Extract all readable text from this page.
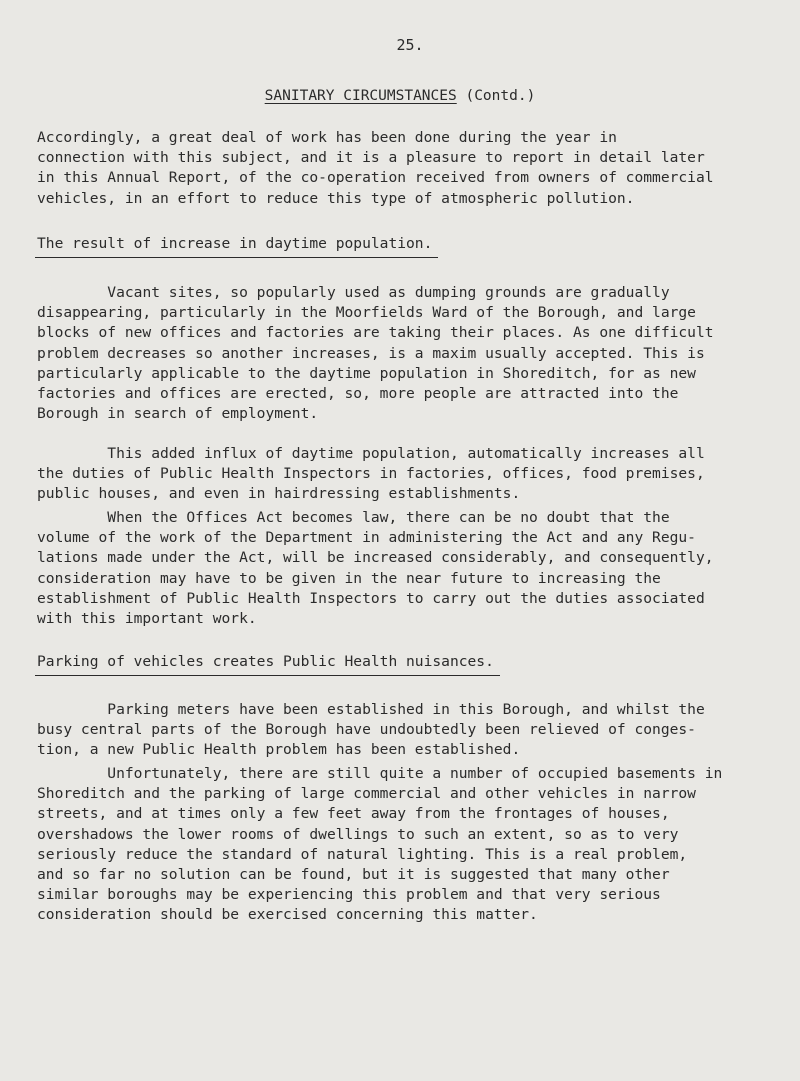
25.
SANITARY CIRCUMSTANCES (Contd.)

Accordingly, a great deal of work has been done during the year in
connection with this subject, and it is a pleasure to report in detail later
in this Annual Report, of the co-operation received from owners of commercial
vehicles, in an effort to reduce this type of atmospheric pollution.

The result of increase in daytime population.

Vacant sites, so popularly used as dumping grounds are gradually
disappearing, particularly in the Moorfields Ward of the Borough, and large
blocks of new offices and factories are taking their places. As one difficult
problem decreases so another increases, is a maxim usually accepted. This is
particularly applicable to the daytime population in Shoreditch, for as new
factories and offices are erected, so, more people are attracted into the
Borough in search of employment.

This added influx of daytime population, automatically increases all
the duties of Public Health Inspectors in factories, offices, food premises,
public houses, and even in hairdressing establishments.

When the Offices Act becomes law, there can be no doubt that the
volume of the work of the Department in administering the Act and any Regu-
lations made under the Act, will be increased considerably, and consequently,
consideration may have to be given in the near future to increasing the
establishment of Public Health Inspectors to carry out the duties associated
with this important work.

Parking of vehicles creates Public Health nuisances.

Parking meters have been established in this Borough, and whilst the
busy central parts of the Borough have undoubtedly been relieved of conges-
tion, a new Public Health problem has been established.

Unfortunately, there are still quite a number of occupied basements in
Shoreditch and the parking of large commercial and other vehicles in narrow
streets, and at times only a few feet away from the frontages of houses,
overshadows the lower rooms of dwellings to such an extent, so as to very
seriously reduce the standard of natural lighting. This is a real problem,
and so far no solution can be found, but it is suggested that many other
similar boroughs may be experiencing this problem and that very serious
consideration should be exercised concerning this matter.
